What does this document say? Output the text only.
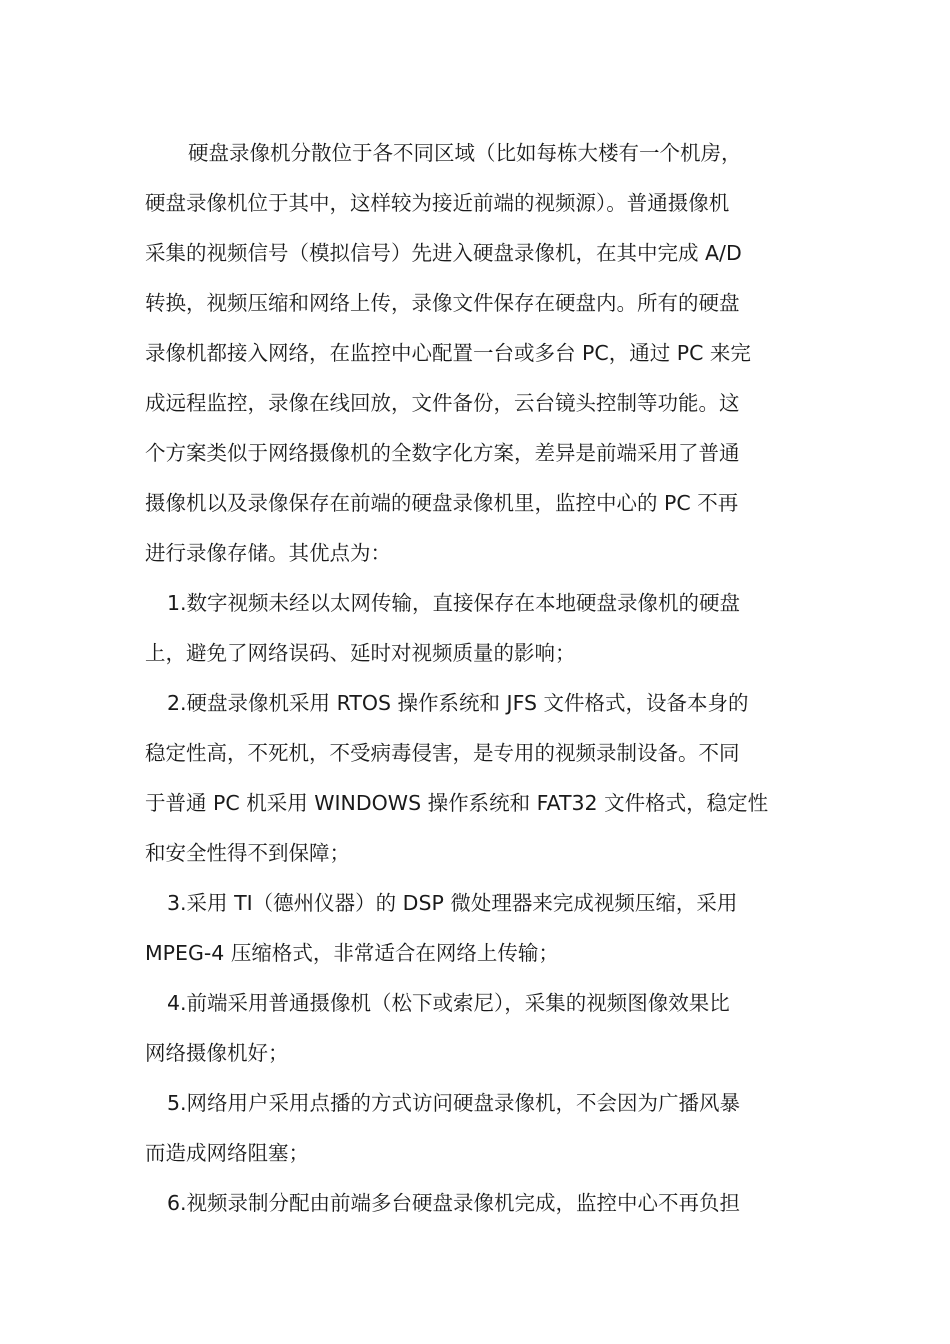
硬盘录像机分散位于各不同区域（比如每栋大楼有一个机房，
硬盘录像机位于其中，这样较为接近前端的视频源）。普通摄像机
采集的视频信号（模拟信号）先进入硬盘录像机，在其中完成 A/D
转换，视频压缩和网络上传，录像文件保存在硬盘内。所有的硬盘
录像机都接入网络，在监控中心配置一台或多台 PC，通过 PC 来完
成远程监控，录像在线回放，文件备份，云台镜头控制等功能。这
个方案类似于网络摄像机的全数字化方案，差异是前端采用了普通
摄像机以及录像保存在前端的硬盘录像机里，监控中心的 PC 不再
进行录像存储。其优点为：
1.数字视频未经以太网传输，直接保存在本地硬盘录像机的硬盘
上，避免了网络误码、延时对视频质量的影响；
2.硬盘录像机采用 RTOS 操作系统和 JFS 文件格式，设备本身的
稳定性高，不死机，不受病毒侵害，是专用的视频录制设备。不同
于普通 PC 机采用 WINDOWS 操作系统和 FAT32 文件格式，稳定性
和安全性得不到保障；
3.采用 TI（德州仪器）的 DSP 微处理器来完成视频压缩，采用
MPEG-4 压缩格式，非常适合在网络上传输；
4.前端采用普通摄像机（松下或索尼），采集的视频图像效果比
网络摄像机好；
5.网络用户采用点播的方式访问硬盘录像机，不会因为广播风暴
而造成网络阻塞；
6.视频录制分配由前端多台硬盘录像机完成，监控中心不再负担
